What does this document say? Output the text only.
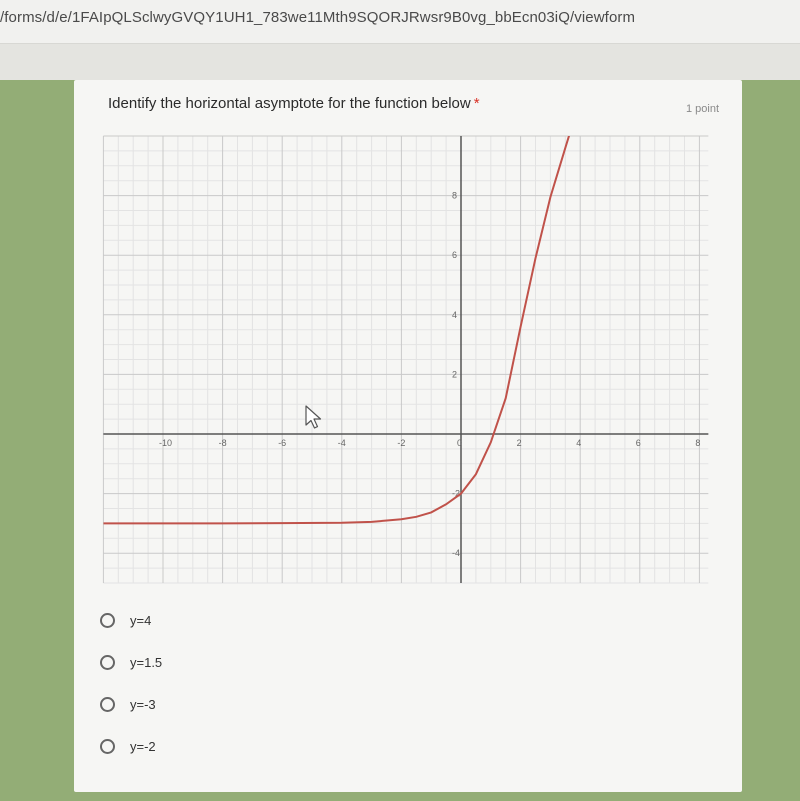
/forms/d/e/1FAIpQLSclwyGVQY1UH1_783we11Mth9SQORJRwsr9B0vg_bbEcn03iQ/viewform
Identify the horizontal asymptote for the function below *	1 point
-10	-8	-6	-4	-2	0	2	4	6	8
-4
-2
2
4
6
8
y=4
y=1.5
y=-3
y=-2
